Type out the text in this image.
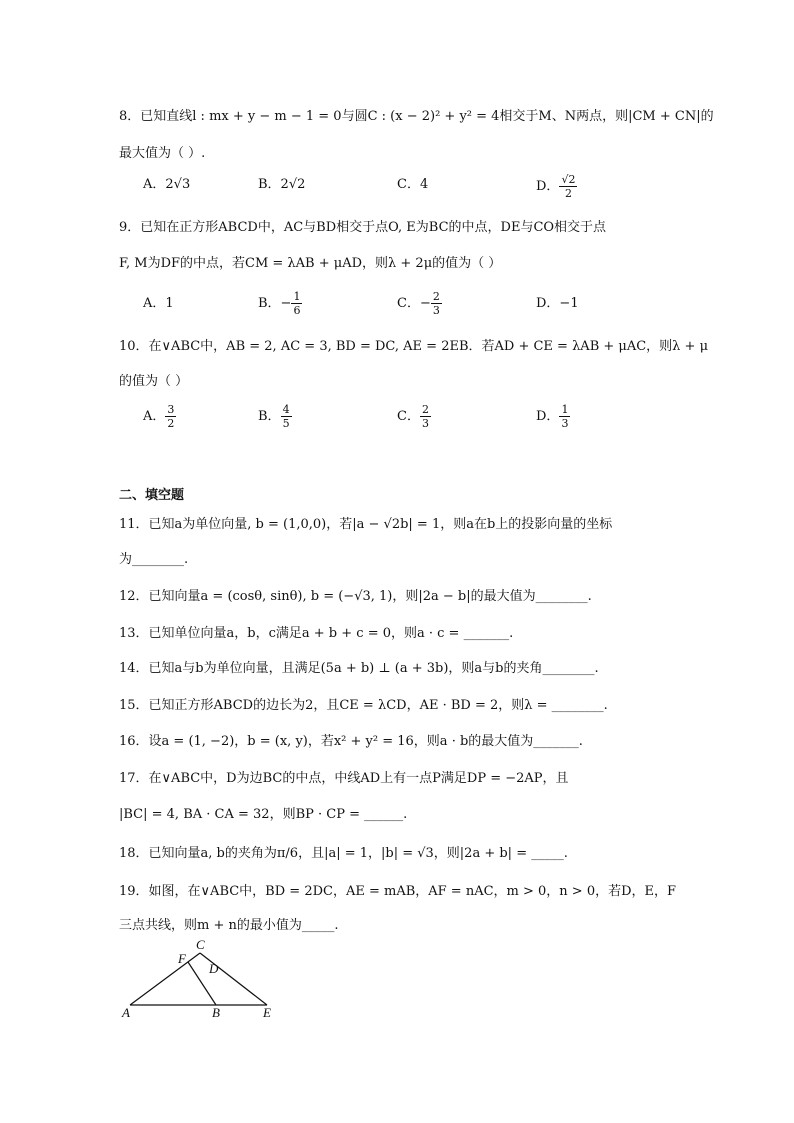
8．已知直线l : mx + y − m − 1 = 0与圆C : (x − 2)² + y² = 4相交于M、N两点，则|CM + CN|的
最大值为（ ）.
A．2√3	B．2√2	C．4	D． $\frac{√2}{2}$
9．已知在正方形ABCD中，AC与BD相交于点O, E为BC的中点，DE与CO相交于点
F, M为DF的中点，若CM = λAB + μAD，则λ + 2μ的值为（ ）
A．1	B．− $\frac{1}{6}$	C．− $\frac{2}{3}$	D．−1
10．在∨ABC中，AB = 2, AC = 3, BD = DC, AE = 2EB．若AD + CE = λAB + μAC，则λ + μ
的值为（ ）
A． $\frac{3}{2}$	B． $\frac{4}{5}$	C． $\frac{2}{3}$	D． $\frac{1}{3}$
二、填空题
11．已知a为单位向量, b = (1,0,0)，若|a − √2b| = 1，则a在b上的投影向量的坐标
为________.
12．已知向量a = (cosθ, sinθ), b = (−√3, 1)，则|2a − b|的最大值为________.
13．已知单位向量a，b，c满足a + b + c = 0，则a · c = _______.
14．已知a与b为单位向量，且满足(5a + b) ⊥ (a + 3b)，则a与b的夹角________.
15．已知正方形ABCD的边长为2，且CE = λCD，AE · BD = 2，则λ = ________.
16．设a = (1, −2)，b = (x, y)，若x² + y² = 16，则a · b的最大值为_______.
17．在∨ABC中，D为边BC的中点，中线AD上有一点P满足DP = −2AP，且
|BC| = 4, BA · CA = 32，则BP · CP = ______.
18．已知向量a, b的夹角为π/6，且|a| = 1，|b| = √3，则|2a + b| = _____.
19．如图，在∨ABC中，BD = 2DC，AE = mAB，AF = nAC，m > 0，n > 0，若D，E，F
三点共线，则m + n的最小值为_____.
A	B
C
D
E
F
